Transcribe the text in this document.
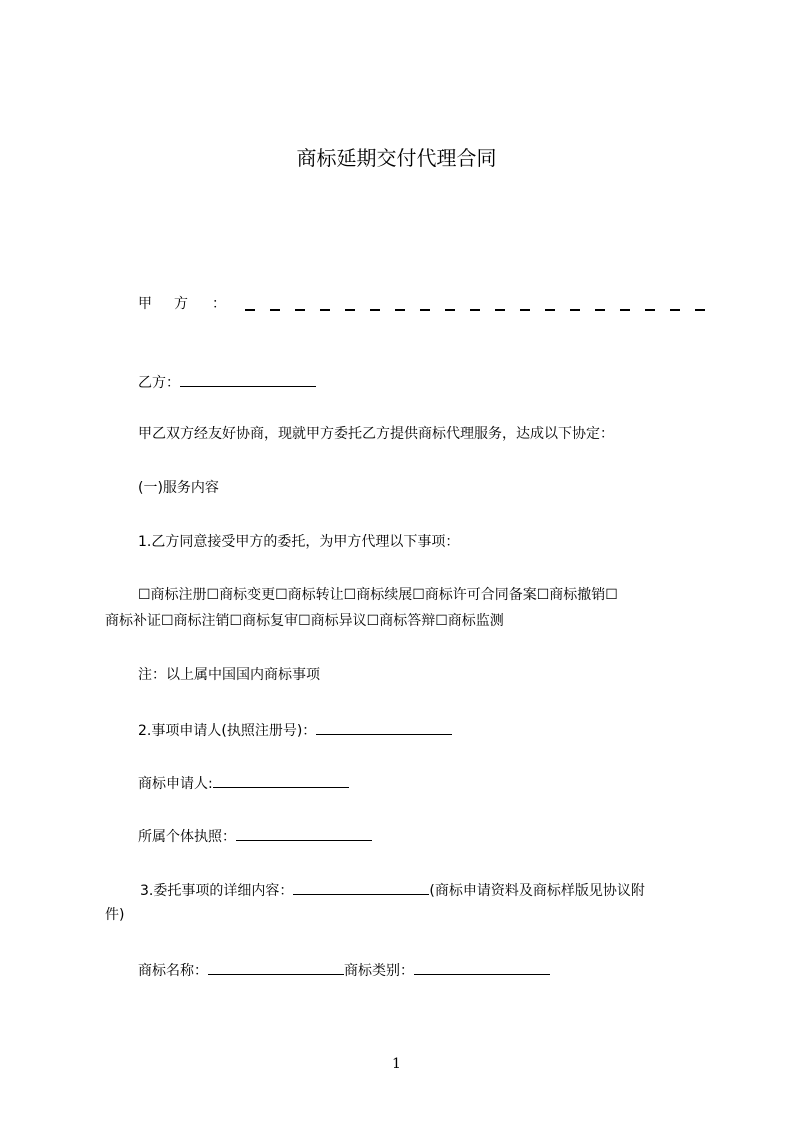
商标延期交付代理合同
甲 方 ：
乙方：
甲乙双方经友好协商，现就甲方委托乙方提供商标代理服务，达成以下协定：
(一)服务内容
1.乙方同意接受甲方的委托，为甲方代理以下事项：
☐商标注册☐商标变更☐商标转让☐商标续展☐商标许可合同备案☐商标撤销☐
商标补证☐商标注销☐商标复审☐商标异议☐商标答辩☐商标监测
注：以上属中国国内商标事项
2.事项申请人(执照注册号)：
商标申请人:
所属个体执照：
3.委托事项的详细内容：	(商标申请资料及商标样版见协议附
件)
商标名称：	商标类别：
1
